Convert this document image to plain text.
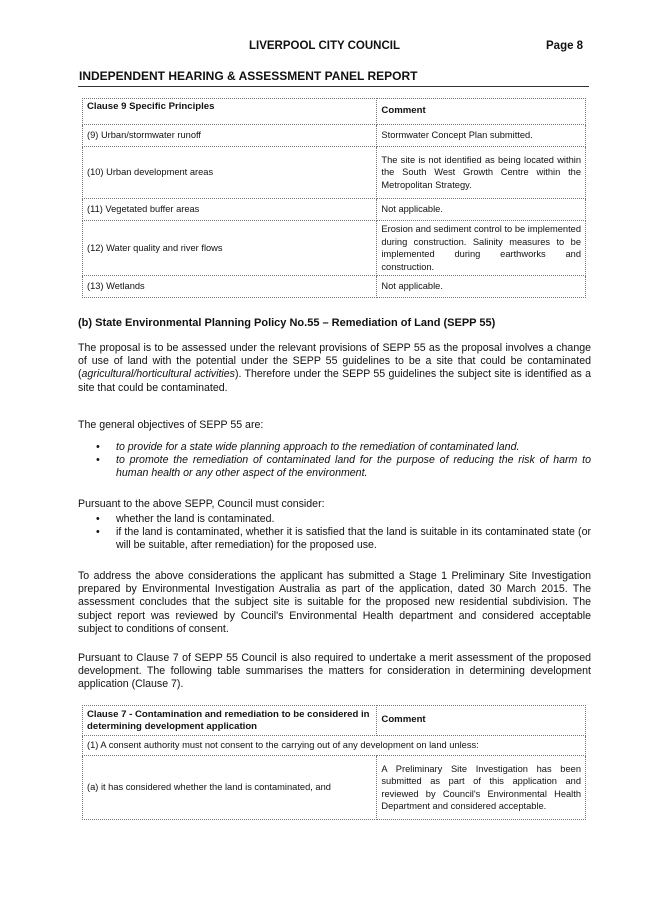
LIVERPOOL CITY COUNCIL	Page 8
INDEPENDENT HEARING & ASSESSMENT PANEL REPORT
Clause 9 Specific Principles	Comment
(9) Urban/stormwater runoff	Stormwater Concept Plan submitted.
(10) Urban development areas	The site is not identified as being located within the South West Growth Centre within the Metropolitan Strategy.
(11) Vegetated buffer areas	Not applicable.
(12) Water quality and river flows	Erosion and sediment control to be implemented during construction. Salinity measures to be implemented during earthworks and construction.
(13) Wetlands	Not applicable.
(b) State Environmental Planning Policy No.55 – Remediation of Land (SEPP 55)

The proposal is to be assessed under the relevant provisions of SEPP 55 as the proposal involves a change of use of land with the potential under the SEPP 55 guidelines to be a site that could be contaminated (agricultural/horticultural activities). Therefore under the SEPP 55 guidelines the subject site is identified as a site that could be contaminated.

The general objectives of SEPP 55 are:

• to provide for a state wide planning approach to the remediation of contaminated land.
• to promote the remediation of contaminated land for the purpose of reducing the risk of harm to human health or any other aspect of the environment.

Pursuant to the above SEPP, Council must consider:

• whether the land is contaminated.
• if the land is contaminated, whether it is satisfied that the land is suitable in its contaminated state (or will be suitable, after remediation) for the proposed use.

To address the above considerations the applicant has submitted a Stage 1 Preliminary Site Investigation prepared by Environmental Investigation Australia as part of the application, dated 30 March 2015. The assessment concludes that the subject site is suitable for the proposed new residential subdivision. The subject report was reviewed by Council's Environmental Health department and considered acceptable subject to conditions of consent.

Pursuant to Clause 7 of SEPP 55 Council is also required to undertake a merit assessment of the proposed development. The following table summarises the matters for consideration in determining development application (Clause 7).

Clause 7 - Contamination and remediation to be considered in determining development application	Comment
(1) A consent authority must not consent to the carrying out of any development on land unless:	
(a) it has considered whether the land is contaminated, and	A Preliminary Site Investigation has been submitted as part of this application and reviewed by Council's Environmental Health Department and considered acceptable.
